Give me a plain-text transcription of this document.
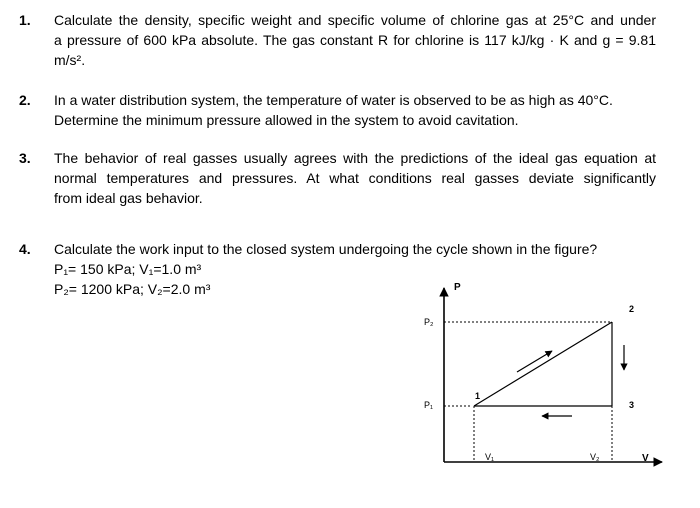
1. Calculate the density, specific weight and specific volume of chlorine gas at 25°C and under
a pressure of 600 kPa absolute. The gas constant R for chlorine is 117 kJ/kg · K and g = 9.81
m/s².
2. In a water distribution system, the temperature of water is observed to be as high as 40°C.
Determine the minimum pressure allowed in the system to avoid cavitation.
3. The behavior of real gasses usually agrees with the predictions of the ideal gas equation at
normal temperatures and pressures. At what conditions real gasses deviate significantly
from ideal gas behavior.
4. Calculate the work input to the closed system undergoing the cycle shown in the figure?
P₁= 150 kPa; V₁=1.0 m³
P₂= 1200 kPa; V₂=2.0 m³	P
V
P₂
P₁
V₁	V₂
1
2
3
